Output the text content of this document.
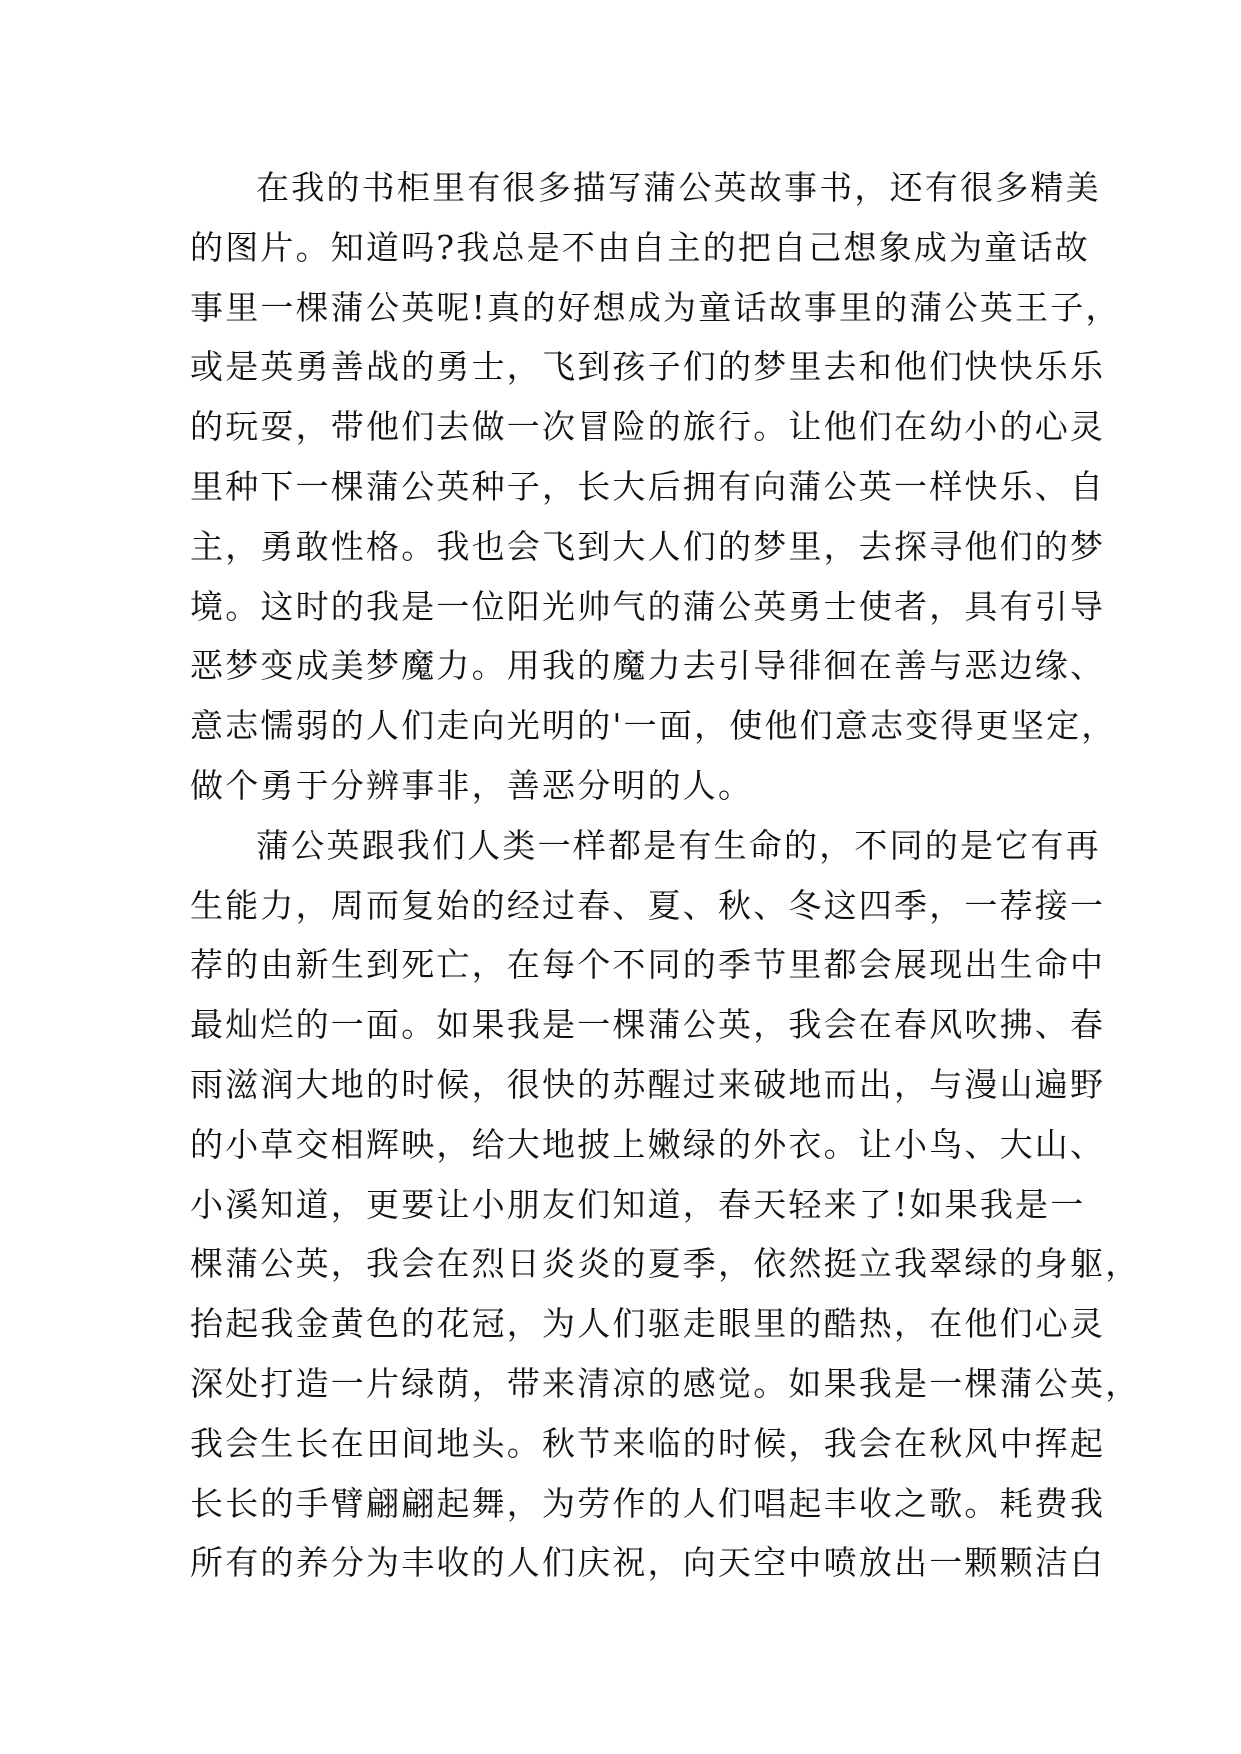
在我的书柜里有很多描写蒲公英故事书，还有很多精美
的图片。知道吗?我总是不由自主的把自己想象成为童话故
事里一棵蒲公英呢!真的好想成为童话故事里的蒲公英王子，
或是英勇善战的勇士，飞到孩子们的梦里去和他们快快乐乐
的玩耍，带他们去做一次冒险的旅行。让他们在幼小的心灵
里种下一棵蒲公英种子，长大后拥有向蒲公英一样快乐、自
主，勇敢性格。我也会飞到大人们的梦里，去探寻他们的梦
境。这时的我是一位阳光帅气的蒲公英勇士使者，具有引导
恶梦变成美梦魔力。用我的魔力去引导徘徊在善与恶边缘、
意志懦弱的人们走向光明的'一面，使他们意志变得更坚定，
做个勇于分辨事非，善恶分明的人。
蒲公英跟我们人类一样都是有生命的，不同的是它有再
生能力，周而复始的经过春、夏、秋、冬这四季，一荐接一
荐的由新生到死亡，在每个不同的季节里都会展现出生命中
最灿烂的一面。如果我是一棵蒲公英，我会在春风吹拂、春
雨滋润大地的时候，很快的苏醒过来破地而出，与漫山遍野
的小草交相辉映，给大地披上嫩绿的外衣。让小鸟、大山、
小溪知道，更要让小朋友们知道，春天轻来了!如果我是一
棵蒲公英，我会在烈日炎炎的夏季，依然挺立我翠绿的身躯，
抬起我金黄色的花冠，为人们驱走眼里的酷热，在他们心灵
深处打造一片绿荫，带来清凉的感觉。如果我是一棵蒲公英，
我会生长在田间地头。秋节来临的时候，我会在秋风中挥起
长长的手臂翩翩起舞，为劳作的人们唱起丰收之歌。耗费我
所有的养分为丰收的人们庆祝，向天空中喷放出一颗颗洁白
